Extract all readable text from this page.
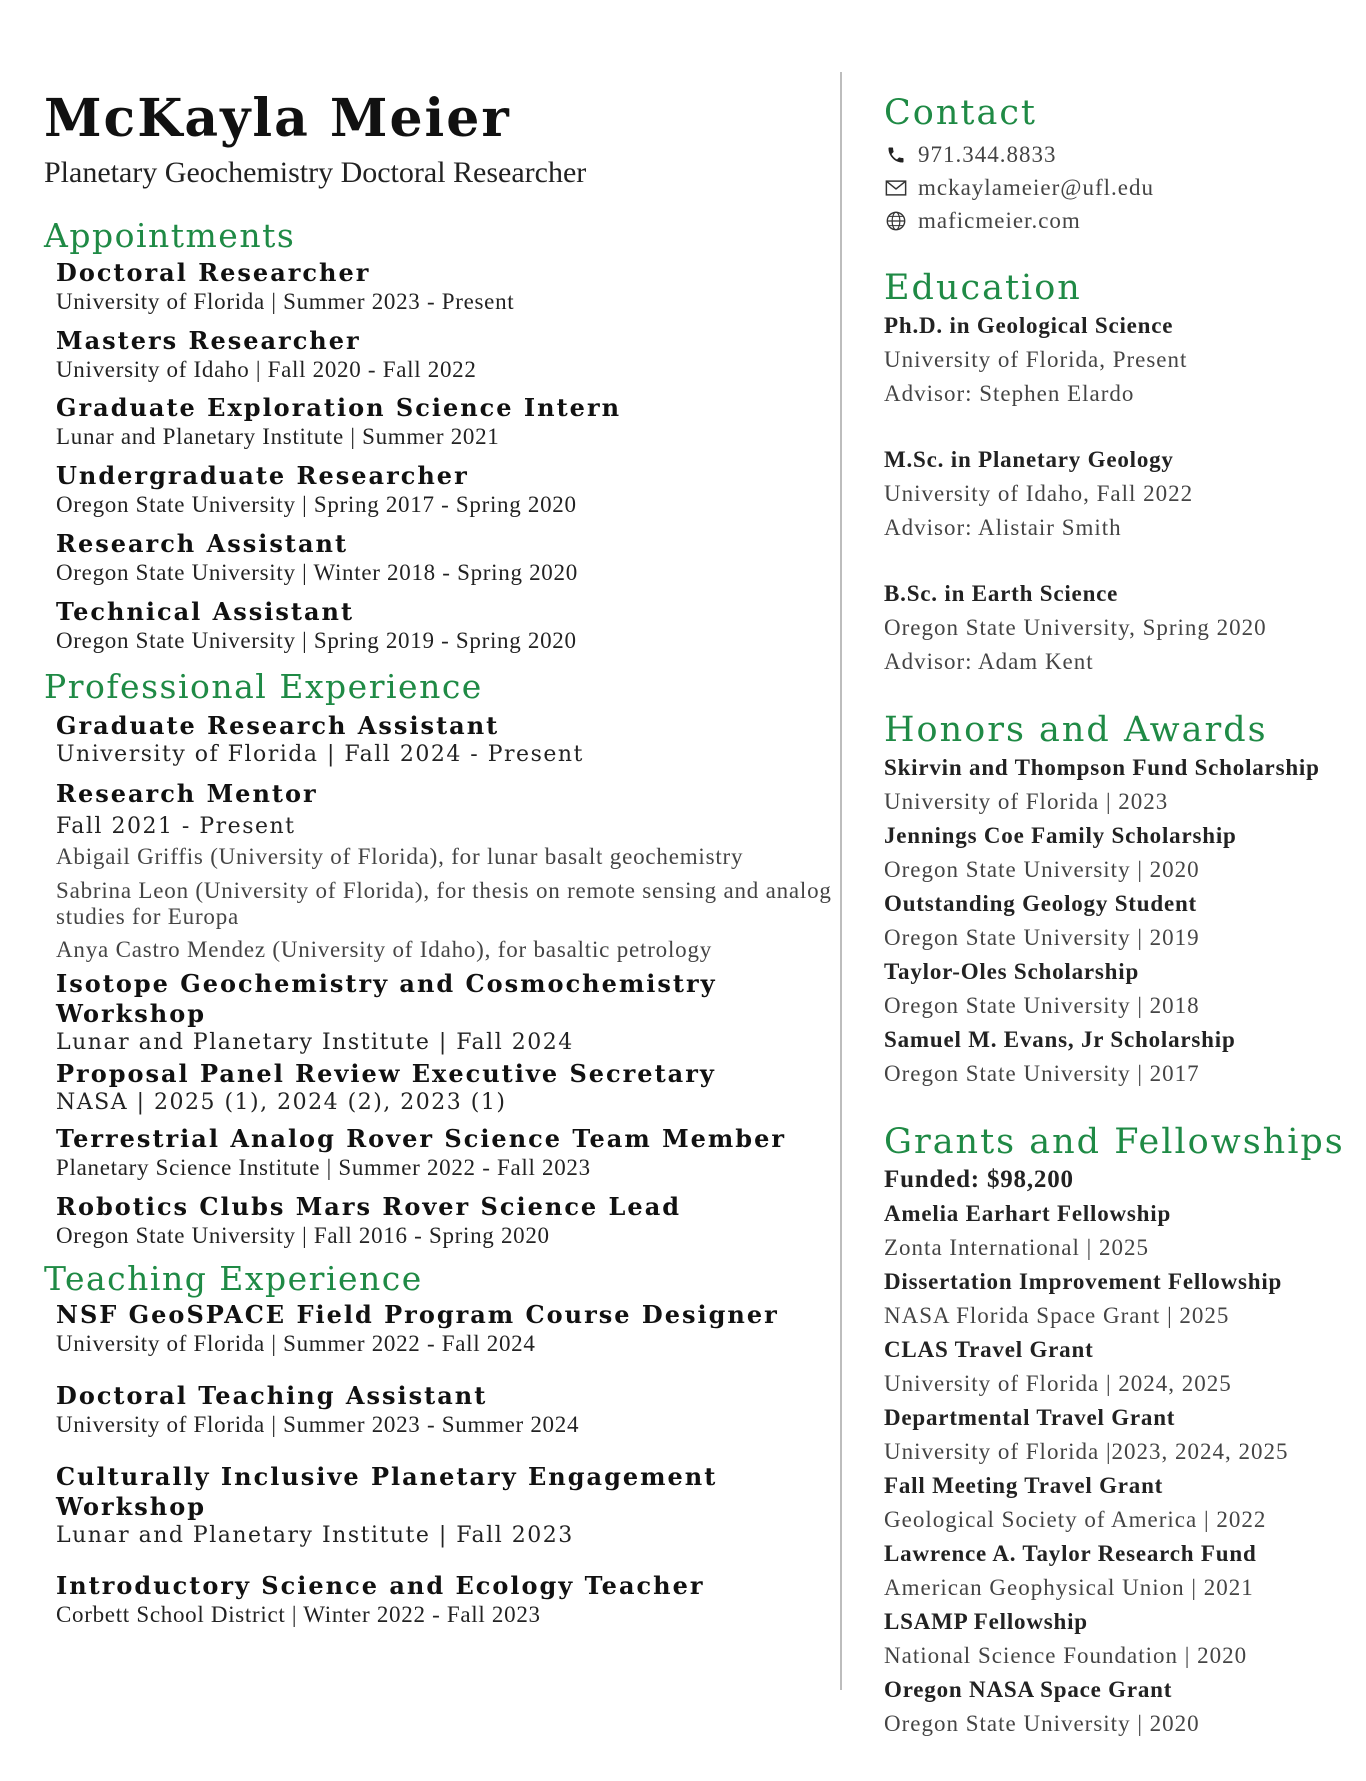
McKayla Meier
Planetary Geochemistry Doctoral Researcher
Appointments
Doctoral Researcher
University of Florida | Summer 2023 - Present
Masters Researcher
University of Idaho | Fall 2020 - Fall 2022
Graduate Exploration Science Intern
Lunar and Planetary Institute | Summer 2021
Undergraduate Researcher
Oregon State University | Spring 2017 - Spring 2020
Research Assistant
Oregon State University | Winter 2018 - Spring 2020
Technical Assistant
Oregon State University | Spring 2019 - Spring 2020
Professional Experience
Graduate Research Assistant
University of Florida | Fall 2024 - Present
Research Mentor
Fall 2021 - Present
Abigail Griffis (University of Florida), for lunar basalt geochemistry
Sabrina Leon (University of Florida), for thesis on remote sensing and analog studies for Europa
Anya Castro Mendez (University of Idaho), for basaltic petrology
Isotope Geochemistry and Cosmochemistry Workshop
Lunar and Planetary Institute | Fall 2024
Proposal Panel Review Executive Secretary
NASA | 2025 (1), 2024 (2), 2023 (1)
Terrestrial Analog Rover Science Team Member
Planetary Science Institute | Summer 2022 - Fall 2023
Robotics Clubs Mars Rover Science Lead
Oregon State University | Fall 2016 - Spring 2020
Teaching Experience
NSF GeoSPACE Field Program Course Designer
University of Florida | Summer 2022 - Fall 2024
Doctoral Teaching Assistant
University of Florida | Summer 2023 - Summer 2024
Culturally Inclusive Planetary Engagement Workshop
Lunar and Planetary Institute | Fall 2023
Introductory Science and Ecology Teacher
Corbett School District | Winter 2022 - Fall 2023
Contact
971.344.8833
mckaylameier@ufl.edu
maficmeier.com
Education
Ph.D. in Geological Science
University of Florida, Present
Advisor: Stephen Elardo
M.Sc. in Planetary Geology
University of Idaho, Fall 2022
Advisor: Alistair Smith
B.Sc. in Earth Science
Oregon State University, Spring 2020
Advisor: Adam Kent
Honors and Awards
Skirvin and Thompson Fund Scholarship
University of Florida | 2023
Jennings Coe Family Scholarship
Oregon State University | 2020
Outstanding Geology Student
Oregon State University | 2019
Taylor-Oles Scholarship
Oregon State University | 2018
Samuel M. Evans, Jr Scholarship
Oregon State University | 2017
Grants and Fellowships
Funded: $98,200
Amelia Earhart Fellowship
Zonta International | 2025
Dissertation Improvement Fellowship
NASA Florida Space Grant | 2025
CLAS Travel Grant
University of Florida | 2024, 2025
Departmental Travel Grant
University of Florida |2023, 2024, 2025
Fall Meeting Travel Grant
Geological Society of America | 2022
Lawrence A. Taylor Research Fund
American Geophysical Union | 2021
LSAMP Fellowship
National Science Foundation | 2020
Oregon NASA Space Grant
Oregon State University | 2020
